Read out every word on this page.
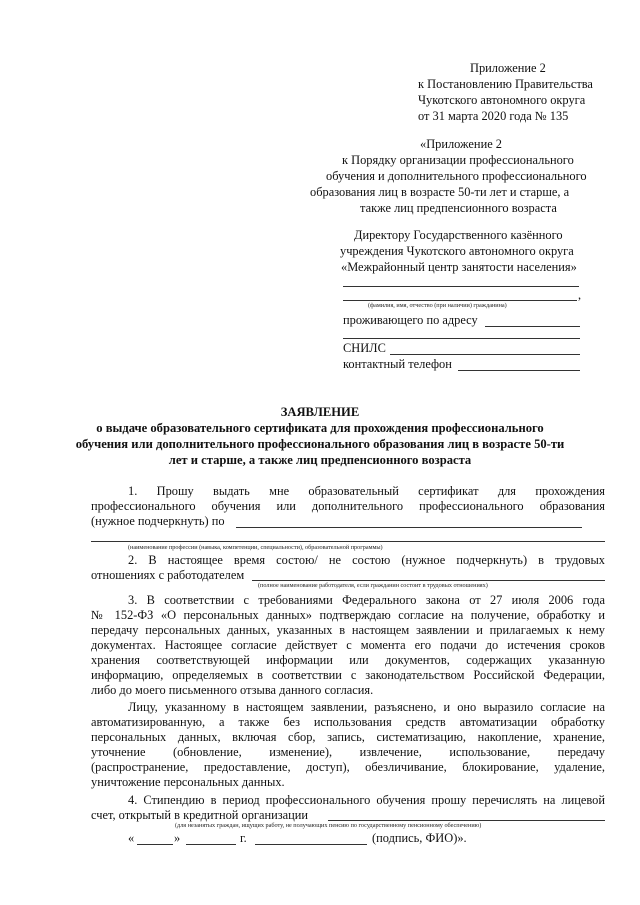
Приложение 2
к Постановлению Правительства
Чукотского автономного округа
от 31 марта 2020 года № 135
«Приложение 2
к Порядку организации профессионального
обучения и дополнительного профессионального
образования лиц в возрасте 50-ти лет и старше, а
также лиц предпенсионного возраста
Директору Государственного казённого
учреждения Чукотского автономного округа
«Межрайонный центр занятости населения»
,
(фамилия, имя, отчество (при наличии) гражданина)
проживающего по адресу
СНИЛС
контактный телефон
ЗАЯВЛЕНИЕ
о выдаче образовательного сертификата для прохождения профессионального
обучения или дополнительного профессионального образования лиц в возрасте 50-ти
лет и старше, а также лиц предпенсионного возраста
1. Прошу выдать мне образовательный сертификат для прохождения
профессионального обучения или дополнительного профессионального образования
(нужное подчеркнуть) по
(наименование профессии (навыка, компетенции, специальности), образовательной программы)
2. В настоящее время состою/ не состою (нужное подчеркнуть) в трудовых
отношениях с работодателем
(полное наименование работодателя, если гражданин состоит в трудовых отношениях)
3. В соответствии с требованиями Федерального закона от 27 июля 2006 года
№ 152-ФЗ «О персональных данных» подтверждаю согласие на получение, обработку и
передачу персональных данных, указанных в настоящем заявлении и прилагаемых к нему
документах. Настоящее согласие действует с момента его подачи до истечения сроков
хранения соответствующей информации или документов, содержащих указанную
информацию, определяемых в соответствии с законодательством Российской Федерации,
либо до моего письменного отзыва данного согласия.
Лицу, указанному в настоящем заявлении, разъяснено, и оно выразило согласие на
автоматизированную, а также без использования средств автоматизации обработку
персональных данных, включая сбор, запись, систематизацию, накопление, хранение,
уточнение (обновление, изменение), извлечение, использование, передачу
(распространение, предоставление, доступ), обезличивание, блокирование, удаление,
уничтожение персональных данных.
4. Стипендию в период профессионального обучения прошу перечислять на лицевой
счет, открытый в кредитной организации
(для незанятых граждан, ищущих работу, не получающих пенсию по государственному пенсионному обеспечению)
«	»	г.	(подпись, ФИО)».
